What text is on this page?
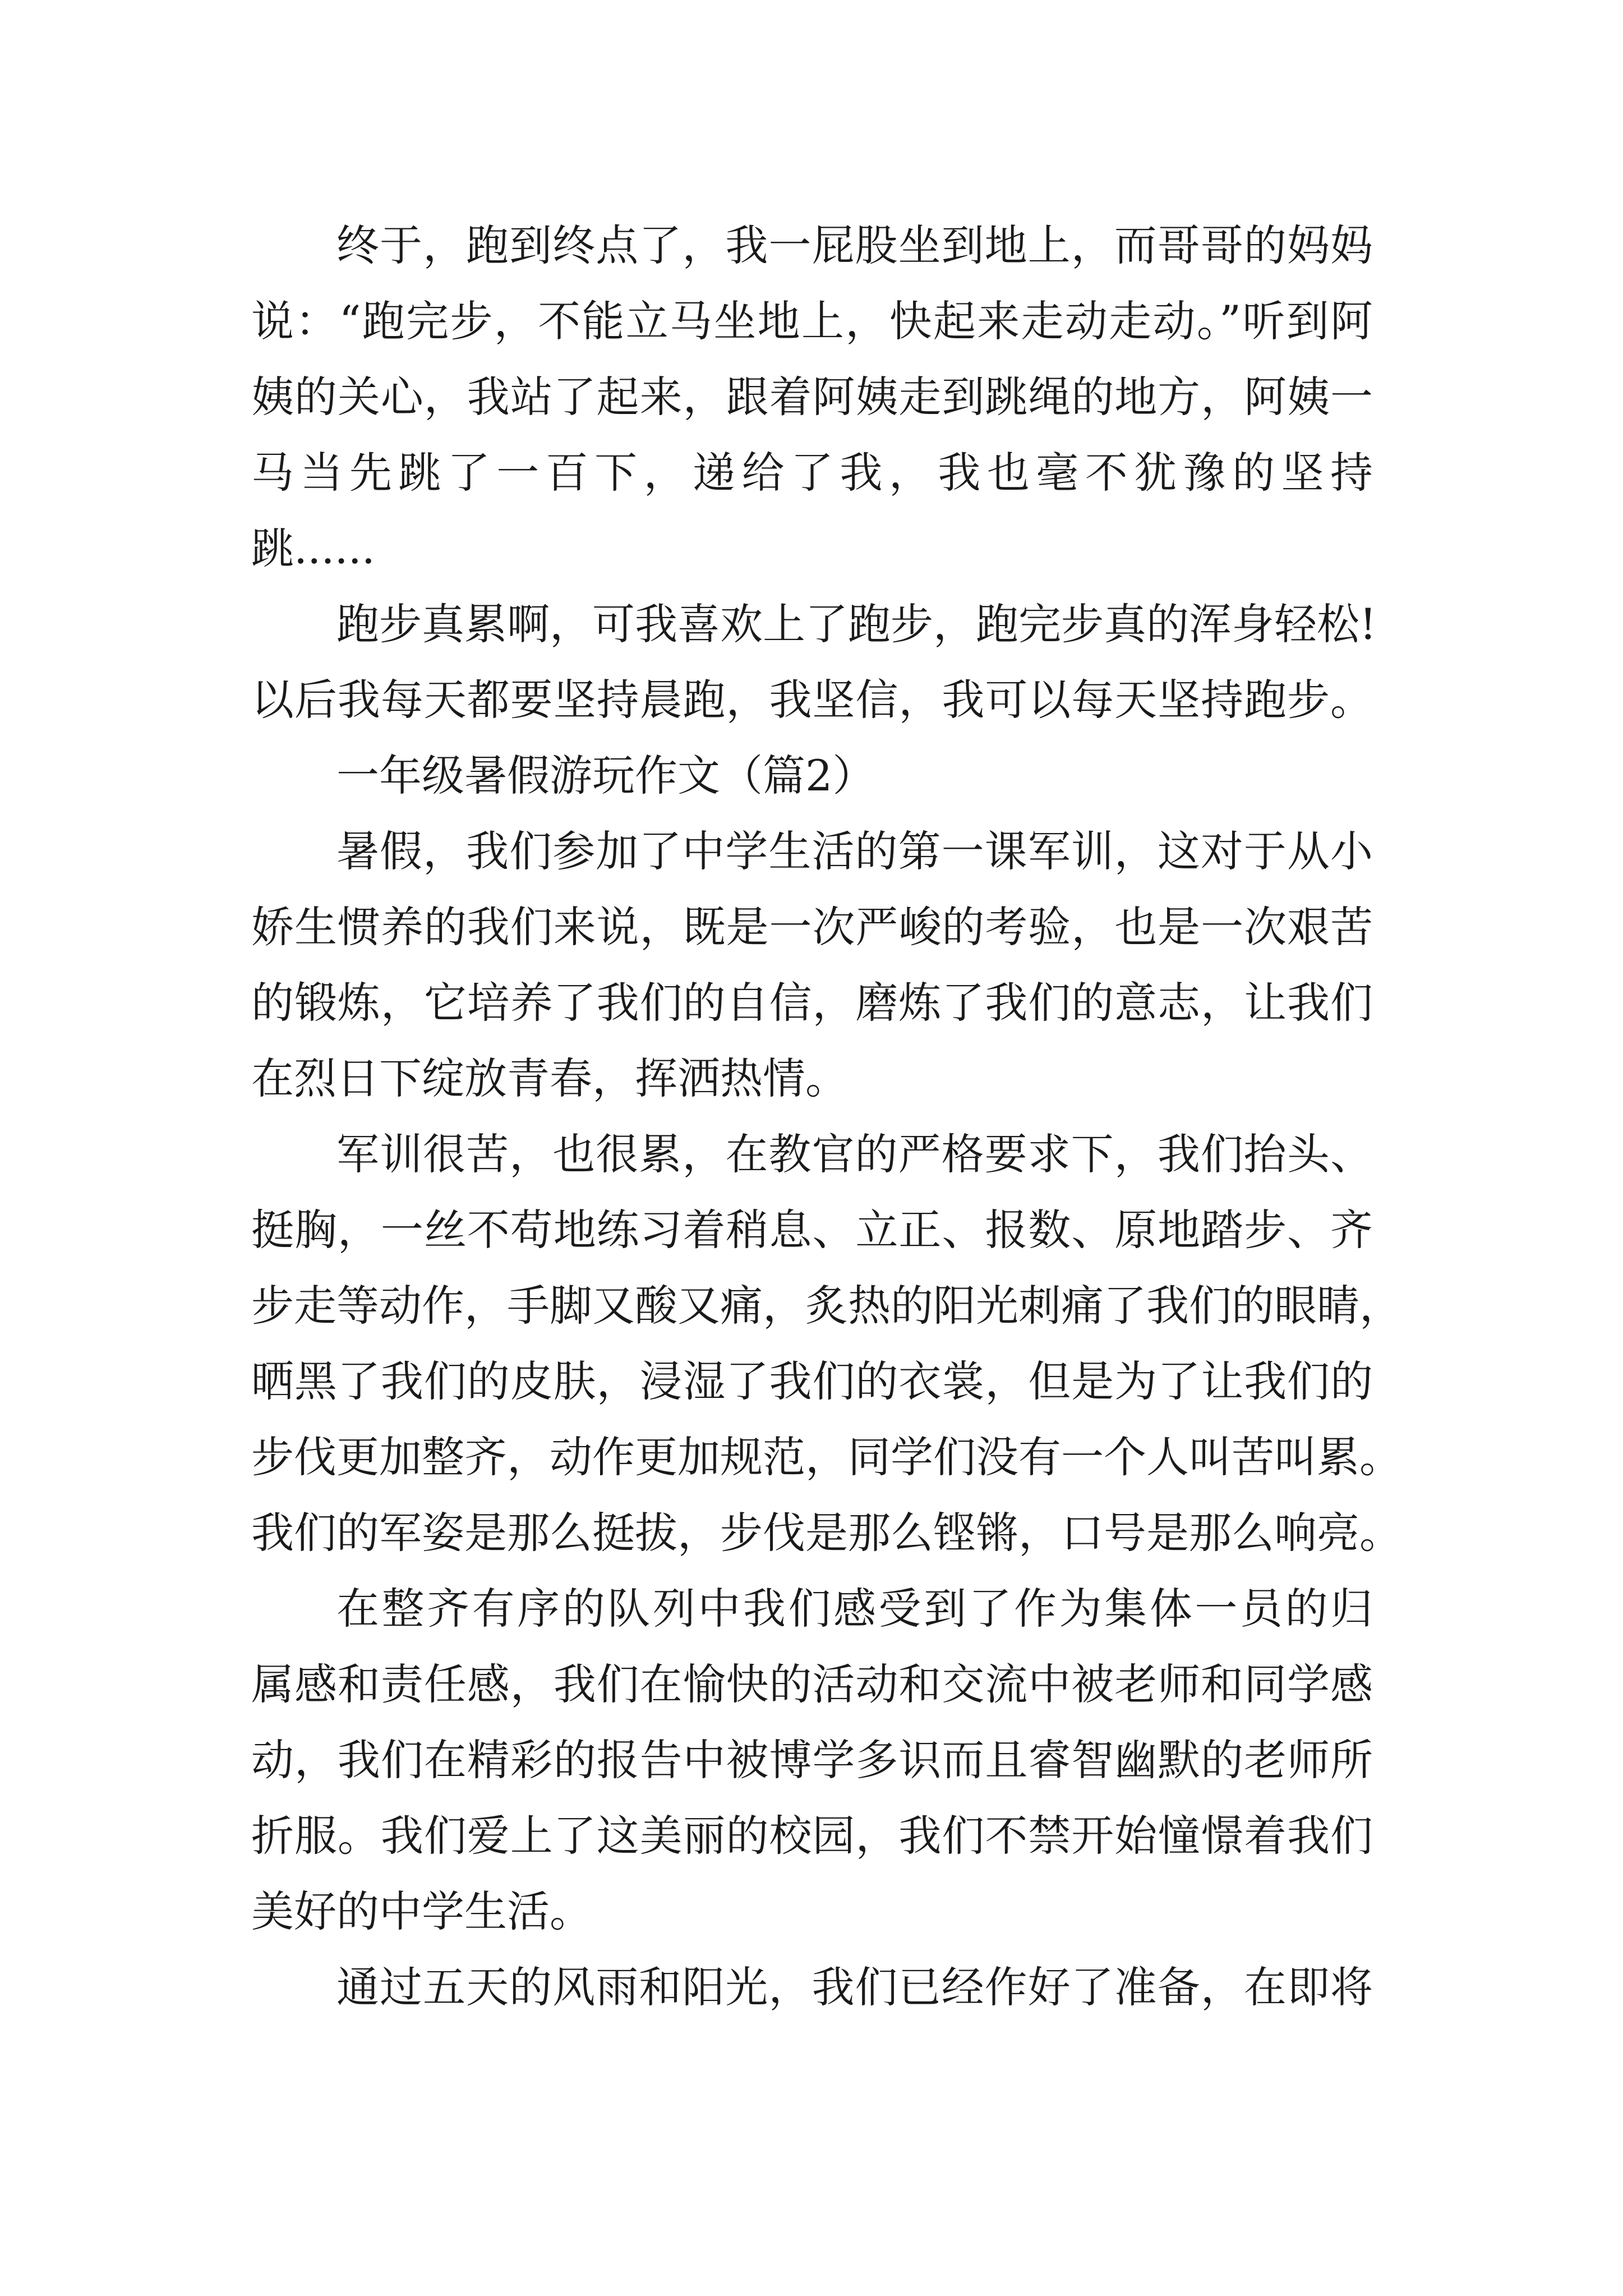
终于，跑到终点了，我一屁股坐到地上，而哥哥的妈妈
说：“跑完步，不能立马坐地上，快起来走动走动。”听到阿
姨的关心，我站了起来，跟着阿姨走到跳绳的地方，阿姨一
马当先跳了一百下，递给了我，我也毫不犹豫的坚持
跳......
跑步真累啊，可我喜欢上了跑步，跑完步真的浑身轻松!
以后我每天都要坚持晨跑，我坚信，我可以每天坚持跑步。
一年级暑假游玩作文（篇2）
暑假，我们参加了中学生活的第一课军训，这对于从小
娇生惯养的我们来说，既是一次严峻的考验，也是一次艰苦
的锻炼，它培养了我们的自信，磨炼了我们的意志，让我们
在烈日下绽放青春，挥洒热情。
军训很苦，也很累，在教官的严格要求下，我们抬头、
挺胸，一丝不苟地练习着稍息、立正、报数、原地踏步、齐
步走等动作，手脚又酸又痛，炙热的阳光刺痛了我们的眼睛，
晒黑了我们的皮肤，浸湿了我们的衣裳，但是为了让我们的
步伐更加整齐，动作更加规范，同学们没有一个人叫苦叫累。
我们的军姿是那么挺拔，步伐是那么铿锵，口号是那么响亮。
在整齐有序的队列中我们感受到了作为集体一员的归
属感和责任感，我们在愉快的活动和交流中被老师和同学感
动，我们在精彩的报告中被博学多识而且睿智幽默的老师所
折服。我们爱上了这美丽的校园，我们不禁开始憧憬着我们
美好的中学生活。
通过五天的风雨和阳光，我们已经作好了准备，在即将
